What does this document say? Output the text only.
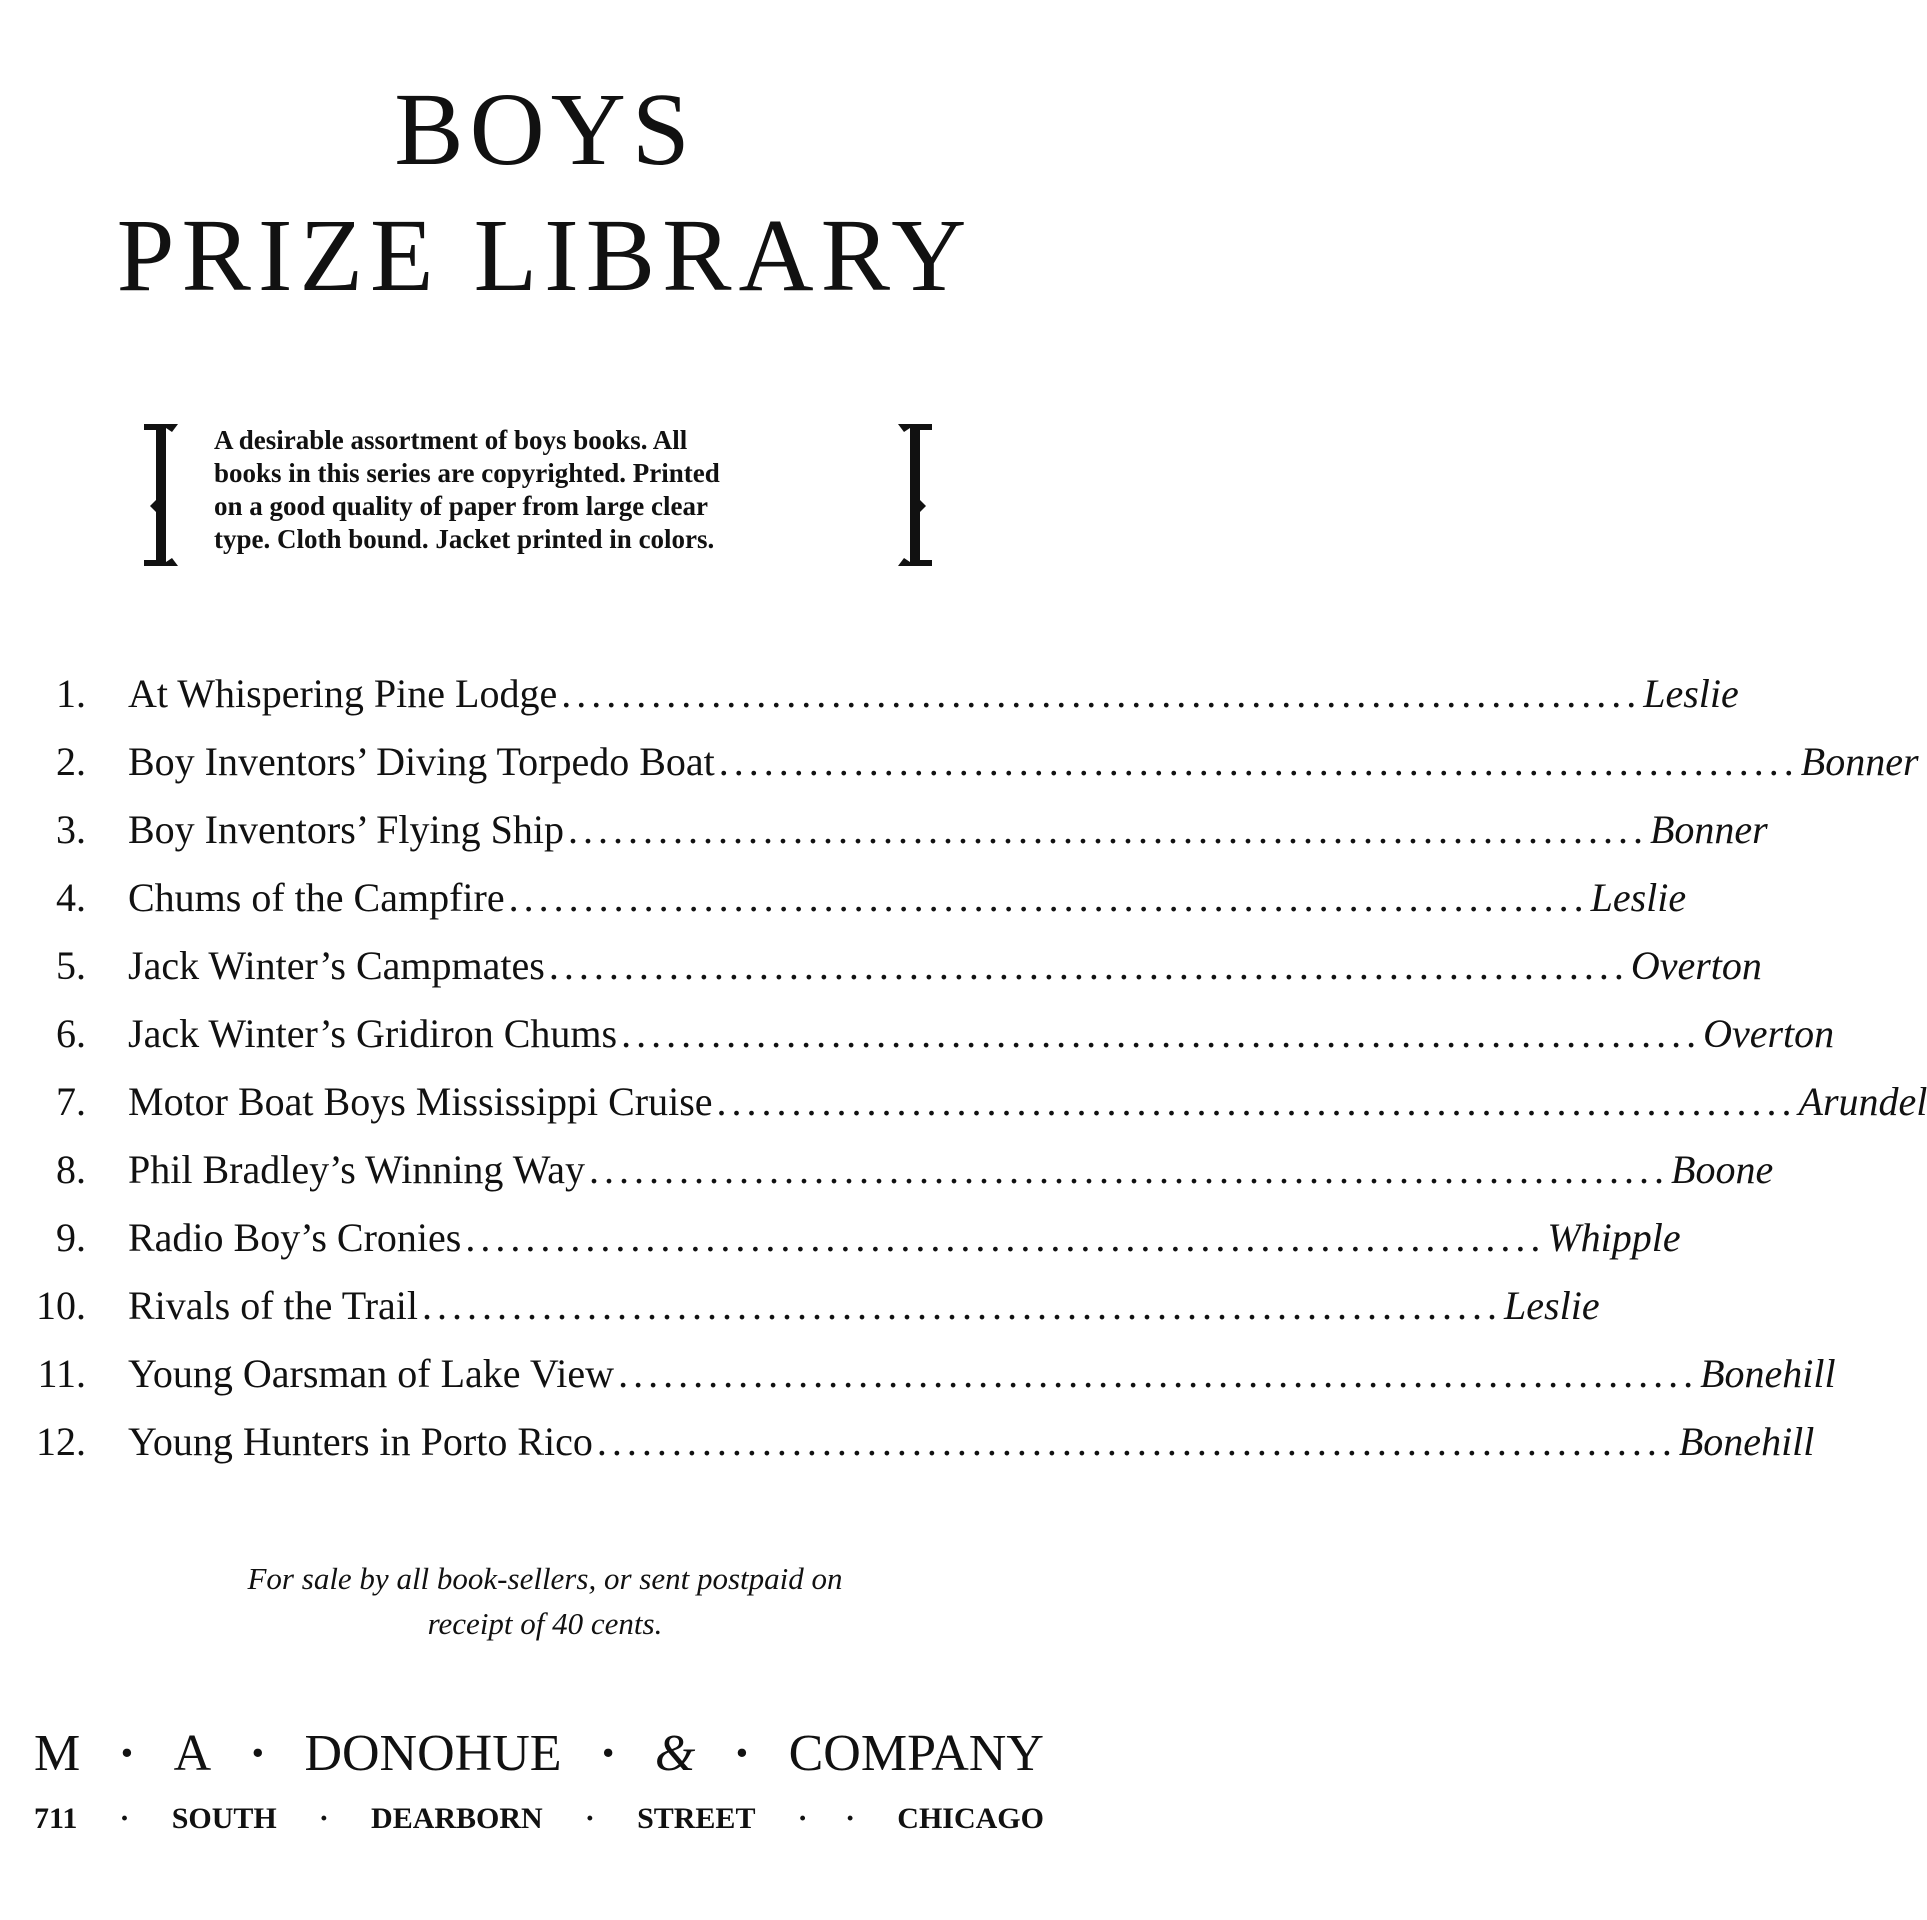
BOYS
PRIZE LIBRARY
A desirable assortment of boys books. All
books in this series are copyrighted. Printed
on a good quality of paper from large clear
type. Cloth bound. Jacket printed in colors.
1. At Whispering Pine Lodge ........................................................................ Leslie
2. Boy Inventors’ Diving Torpedo Boat ........................................................................ Bonner
3. Boy Inventors’ Flying Ship ........................................................................ Bonner
4. Chums of the Campfire ........................................................................ Leslie
5. Jack Winter’s Campmates ........................................................................ Overton
6. Jack Winter’s Gridiron Chums ........................................................................ Overton
7. Motor Boat Boys Mississippi Cruise ........................................................................ Arundel
8. Phil Bradley’s Winning Way ........................................................................ Boone
9. Radio Boy’s Cronies ........................................................................ Whipple
10. Rivals of the Trail ........................................................................ Leslie
11. Young Oarsman of Lake View ........................................................................ Bonehill
12. Young Hunters in Porto Rico ........................................................................ Bonehill
For sale by all book-sellers, or sent postpaid on
receipt of 40 cents.
M · A · DONOHUE · & · COMPANY
711 · SOUTH · DEARBORN · STREET ·     · CHICAGO
